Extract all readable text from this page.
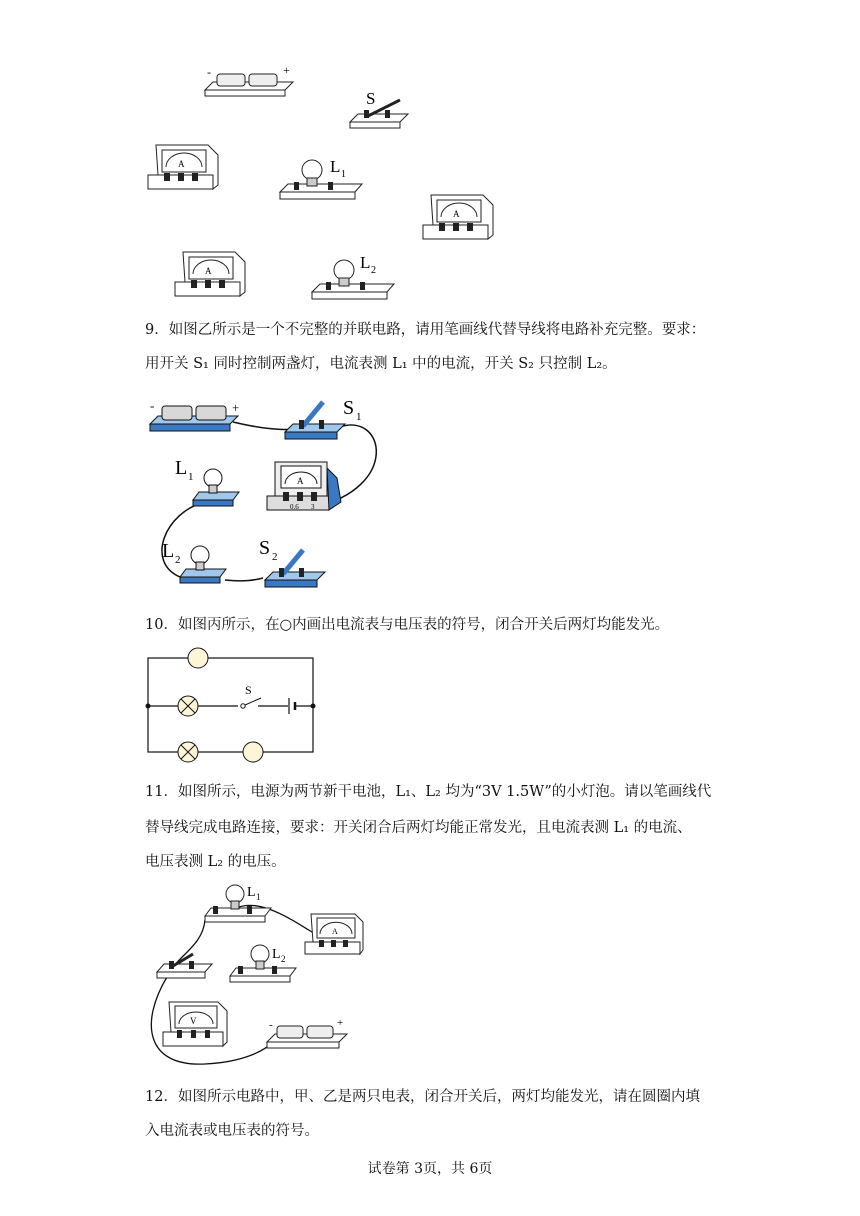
-	+
S
A	L 1
A
A	L 2
9．如图乙所示是一个不完整的并联电路，请用笔画线代替导线将电路补充完整。要求：
用开关 S₁ 同时控制两盏灯，电流表测 L₁ 中的电流，开关 S₂ 只控制 L₂。
-	+	S 1
L 1	A
0.6 3
L 2
S 2
10．如图丙所示，在○内画出电流表与电压表的符号，闭合开关后两灯均能发光。
S
11．如图所示，电源为两节新干电池，L₁、L₂ 均为“3V 1.5W”的小灯泡。请以笔画线代
替导线完成电路连接，要求：开关闭合后两灯均能正常发光，且电流表测 L₁ 的电流、
电压表测 L₂ 的电压。
L 1
A
L 2
V	-	+
12．如图所示电路中，甲、乙是两只电表，闭合开关后，两灯均能发光，请在圆圈内填
入电流表或电压表的符号。
试卷第 3页，共 6页
